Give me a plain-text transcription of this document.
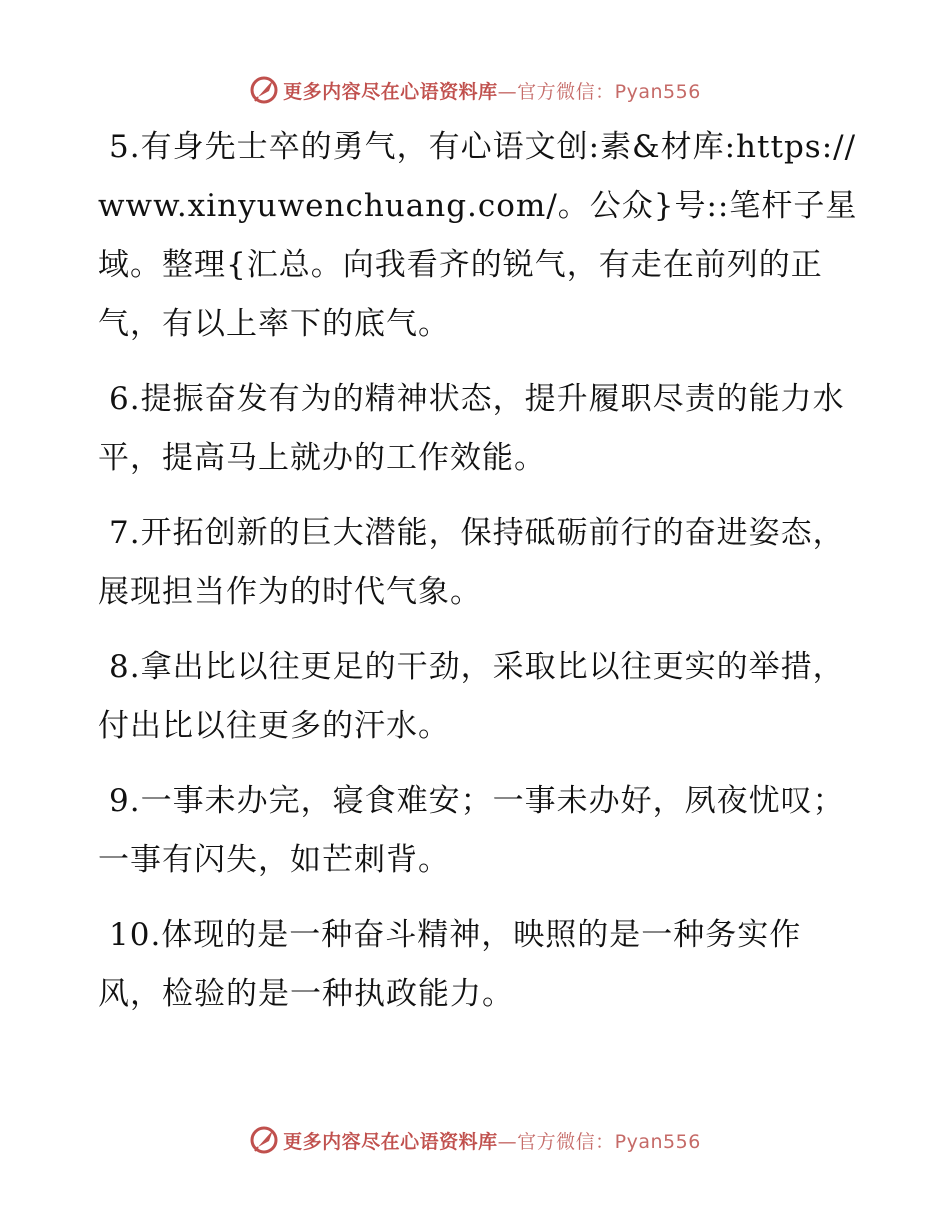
更多内容尽在心语资料库—官方微信：Pyan556

5.有身先士卒的勇气，有心语文创:素&材库:https://www.xinyuwenchuang.com/。公众}号::笔杆子星域。整理{汇总。向我看齐的锐气，有走在前列的正气，有以上率下的底气。

6.提振奋发有为的精神状态，提升履职尽责的能力水平，提高马上就办的工作效能。

7.开拓创新的巨大潜能，保持砥砺前行的奋进姿态，展现担当作为的时代气象。

8.拿出比以往更足的干劲，采取比以往更实的举措，付出比以往更多的汗水。

9.一事未办完，寝食难安；一事未办好，夙夜忧叹；一事有闪失，如芒刺背。

10.体现的是一种奋斗精神，映照的是一种务实作风，检验的是一种执政能力。

更多内容尽在心语资料库—官方微信：Pyan556
